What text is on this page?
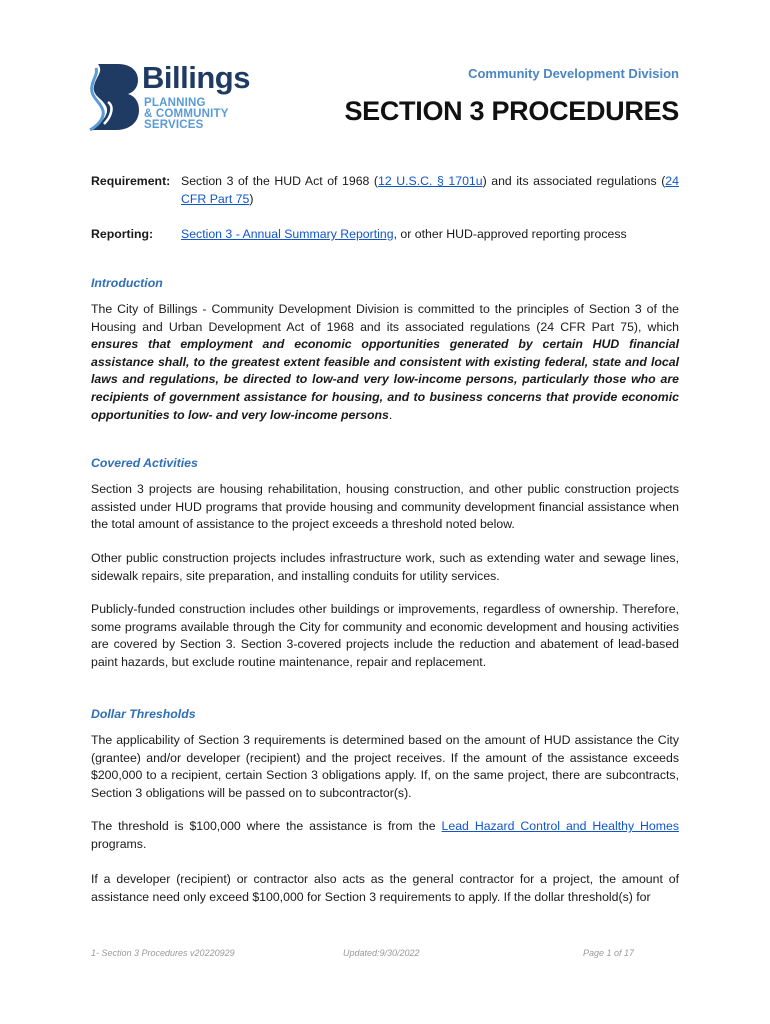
Billings
PLANNING
& COMMUNITY
SERVICES
Community Development Division
SECTION 3 PROCEDURES
Requirement: Section 3 of the HUD Act of 1968 (12 U.S.C. § 1701u) and its associated regulations (24 CFR Part 75)
Reporting: Section 3 - Annual Summary Reporting, or other HUD-approved reporting process
Introduction
The City of Billings - Community Development Division is committed to the principles of Section 3 of the Housing and Urban Development Act of 1968 and its associated regulations (24 CFR Part 75), which ensures that employment and economic opportunities generated by certain HUD financial assistance shall, to the greatest extent feasible and consistent with existing federal, state and local laws and regulations, be directed to low-and very low-income persons, particularly those who are recipients of government assistance for housing, and to business concerns that provide economic opportunities to low- and very low-income persons.
Covered Activities
Section 3 projects are housing rehabilitation, housing construction, and other public construction projects assisted under HUD programs that provide housing and community development financial assistance when the total amount of assistance to the project exceeds a threshold noted below.
Other public construction projects includes infrastructure work, such as extending water and sewage lines, sidewalk repairs, site preparation, and installing conduits for utility services.
Publicly-funded construction includes other buildings or improvements, regardless of ownership. Therefore, some programs available through the City for community and economic development and housing activities are covered by Section 3. Section 3-covered projects include the reduction and abatement of lead-based paint hazards, but exclude routine maintenance, repair and replacement.
Dollar Thresholds
The applicability of Section 3 requirements is determined based on the amount of HUD assistance the City (grantee) and/or developer (recipient) and the project receives. If the amount of the assistance exceeds $200,000 to a recipient, certain Section 3 obligations apply. If, on the same project, there are subcontracts, Section 3 obligations will be passed on to subcontractor(s).
The threshold is $100,000 where the assistance is from the Lead Hazard Control and Healthy Homes programs.
If a developer (recipient) or contractor also acts as the general contractor for a project, the amount of assistance need only exceed $100,000 for Section 3 requirements to apply. If the dollar threshold(s) for
1- Section 3 Procedures v20220929	Updated:9/30/2022	Page 1 of 17
